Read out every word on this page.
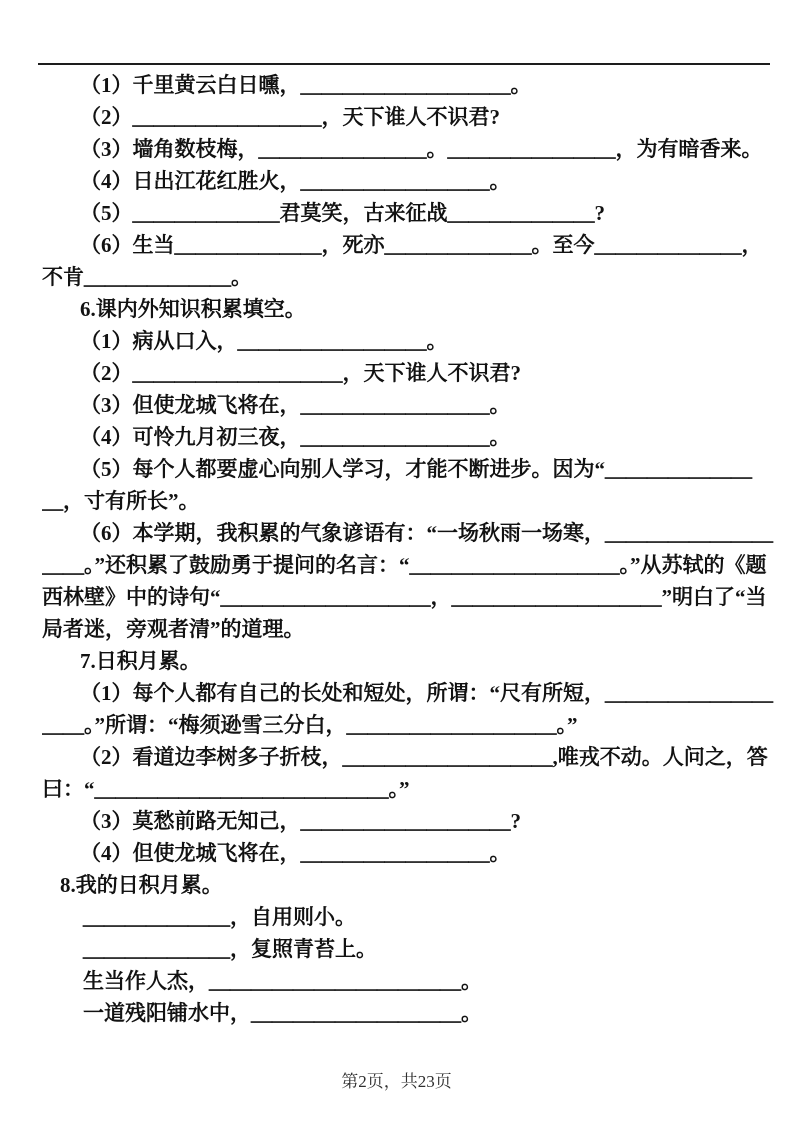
（1）千里黄云白日曛，＿＿＿＿＿＿＿＿＿＿。
（2）＿＿＿＿＿＿＿＿＿，天下谁人不识君?
（3）墙角数枝梅，＿＿＿＿＿＿＿＿。＿＿＿＿＿＿＿＿，为有暗香来。
（4）日出江花红胜火，＿＿＿＿＿＿＿＿＿。
（5）＿＿＿＿＿＿＿君莫笑，古来征战＿＿＿＿＿＿＿?
（6）生当＿＿＿＿＿＿＿，死亦＿＿＿＿＿＿＿。至今＿＿＿＿＿＿＿，
不肯＿＿＿＿＿＿＿。
6.课内外知识积累填空。
（1）病从口入，＿＿＿＿＿＿＿＿＿。
（2）＿＿＿＿＿＿＿＿＿＿，天下谁人不识君?
（3）但使龙城飞将在，＿＿＿＿＿＿＿＿＿。
（4）可怜九月初三夜，＿＿＿＿＿＿＿＿＿。
（5）每个人都要虚心向别人学习，才能不断进步。因为“＿＿＿＿＿＿＿
＿，寸有所长”。
（6）本学期，我积累的气象谚语有：“一场秋雨一场寒，＿＿＿＿＿＿＿＿
＿＿。”还积累了鼓励勇于提问的名言：“＿＿＿＿＿＿＿＿＿＿。”从苏轼的《题
西林壁》中的诗句“＿＿＿＿＿＿＿＿＿＿，＿＿＿＿＿＿＿＿＿＿”明白了“当
局者迷，旁观者清”的道理。
7.日积月累。
（1）每个人都有自己的长处和短处，所谓：“尺有所短，＿＿＿＿＿＿＿＿
＿＿。”所谓：“梅须逊雪三分白，＿＿＿＿＿＿＿＿＿＿。”
（2）看道边李树多子折枝，＿＿＿＿＿＿＿＿＿＿,唯戎不动。人问之，答
曰：“＿＿＿＿＿＿＿＿＿＿＿＿＿＿。”
（3）莫愁前路无知己，＿＿＿＿＿＿＿＿＿＿?
（4）但使龙城飞将在，＿＿＿＿＿＿＿＿＿。
8.我的日积月累。
＿＿＿＿＿＿＿，自用则小。
＿＿＿＿＿＿＿，复照青苔上。
生当作人杰，＿＿＿＿＿＿＿＿＿＿＿＿。
一道残阳铺水中，＿＿＿＿＿＿＿＿＿＿。
第2页，共23页
